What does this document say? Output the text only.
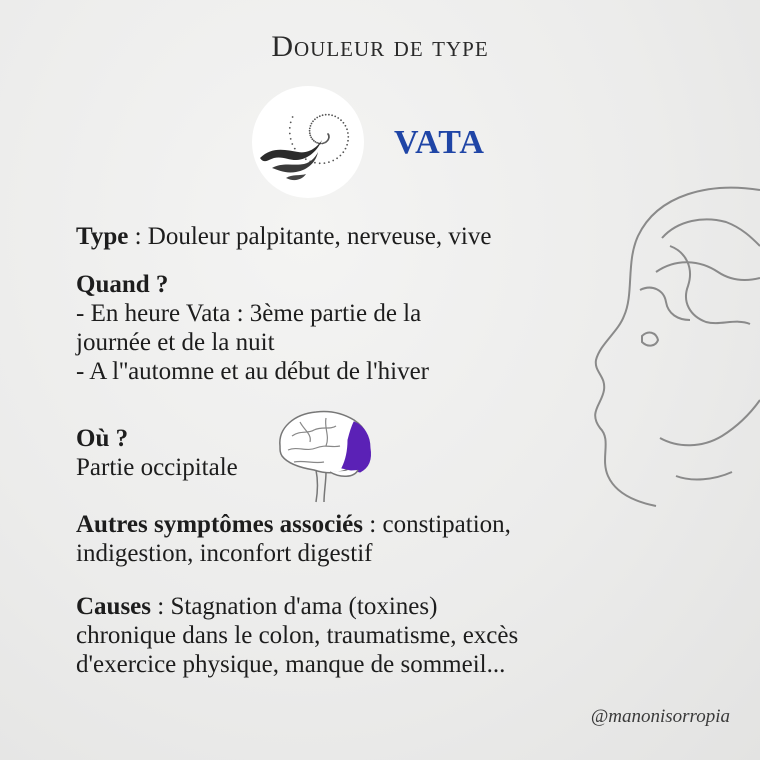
Douleur de type
VATA
Type : Douleur palpitante, nerveuse, vive
Quand ?
- En heure Vata : 3ème partie de la
journée et de la nuit
- A l''automne et au début de l'hiver
Où ?
Partie occipitale
Autres symptômes associés : constipation,
indigestion, inconfort digestif
Causes : Stagnation d'ama (toxines)
chronique dans le colon, traumatisme, excès
d'exercice physique, manque de sommeil...
@manonisorropia
